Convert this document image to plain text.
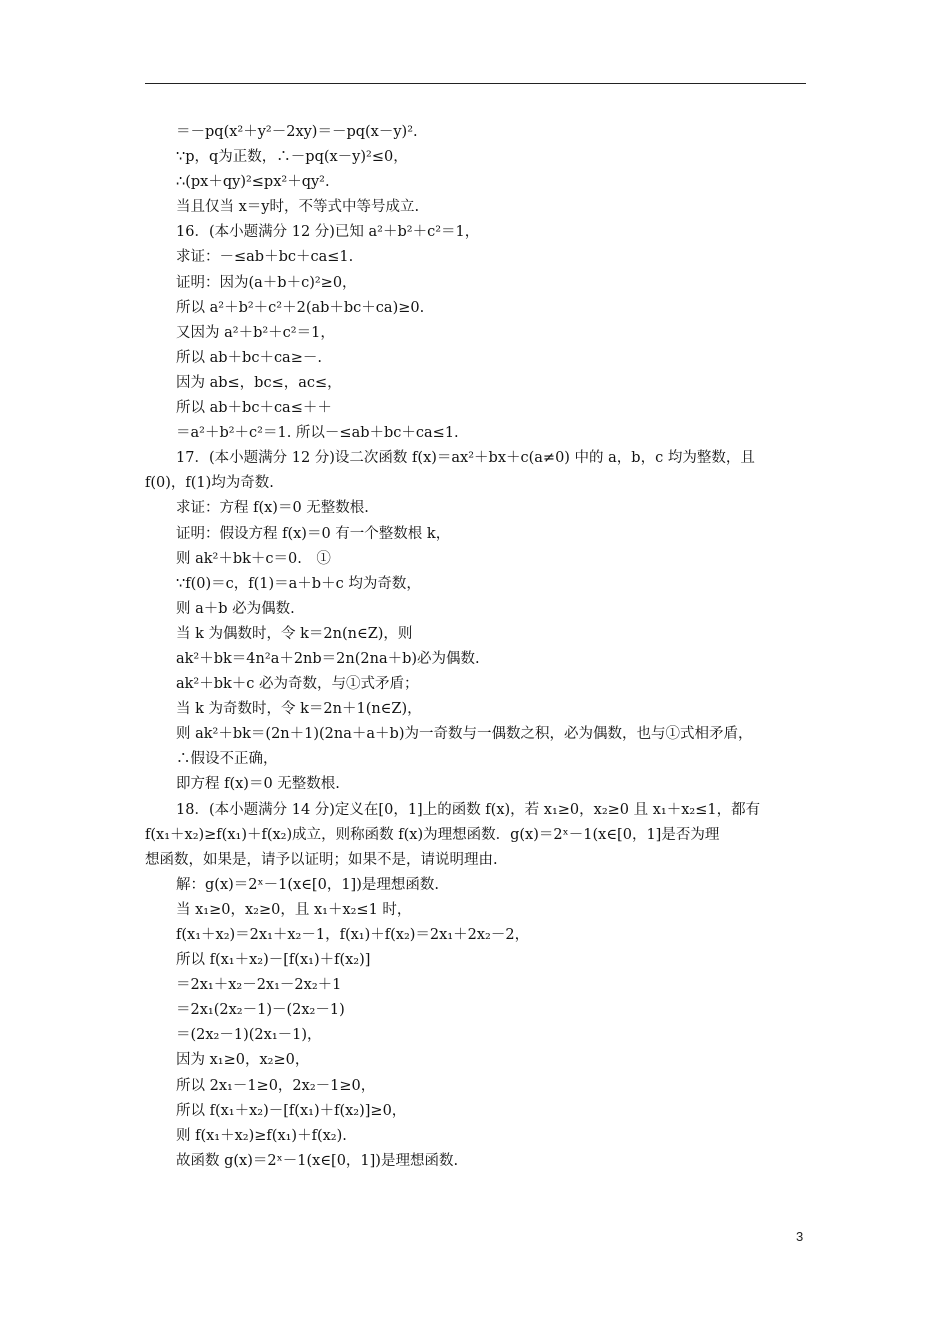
＝－pq(x²＋y²－2xy)＝－pq(x－y)².
∵p，q为正数，∴－pq(x－y)²≤0，
∴(px＋qy)²≤px²＋qy².
当且仅当 x＝y时，不等式中等号成立.
16．(本小题满分 12 分)已知 a²＋b²＋c²＝1，
求证：－≤ab＋bc＋ca≤1.
证明：因为(a＋b＋c)²≥0，
所以 a²＋b²＋c²＋2(ab＋bc＋ca)≥0.
又因为 a²＋b²＋c²＝1，
所以 ab＋bc＋ca≥－.
因为 ab≤，bc≤，ac≤，
所以 ab＋bc＋ca≤＋＋
＝a²＋b²＋c²＝1. 所以－≤ab＋bc＋ca≤1.
17．(本小题满分 12 分)设二次函数 f(x)＝ax²＋bx＋c(a≠0) 中的 a，b，c 均为整数，且
f(0)，f(1)均为奇数.
求证：方程 f(x)＝0 无整数根.
证明：假设方程 f(x)＝0 有一个整数根 k，
则 ak²＋bk＋c＝0.　①
∵f(0)＝c，f(1)＝a＋b＋c 均为奇数，
则 a＋b 必为偶数.
当 k 为偶数时，令 k＝2n(n∈Z)，则
ak²＋bk＝4n²a＋2nb＝2n(2na＋b)必为偶数.
ak²＋bk＋c 必为奇数，与①式矛盾；
当 k 为奇数时，令 k＝2n＋1(n∈Z)，
则 ak²＋bk＝(2n＋1)(2na＋a＋b)为一奇数与一偶数之积，必为偶数，也与①式相矛盾，
∴假设不正确，
即方程 f(x)＝0 无整数根.
18．(本小题满分 14 分)定义在[0，1]上的函数 f(x)，若 x₁≥0，x₂≥0 且 x₁＋x₂≤1，都有
f(x₁＋x₂)≥f(x₁)＋f(x₂)成立，则称函数 f(x)为理想函数．g(x)＝2ˣ－1(x∈[0，1]是否为理
想函数，如果是，请予以证明；如果不是，请说明理由.
解：g(x)＝2ˣ－1(x∈[0，1])是理想函数.
当 x₁≥0，x₂≥0，且 x₁＋x₂≤1 时，
f(x₁＋x₂)＝2x₁＋x₂－1，f(x₁)＋f(x₂)＝2x₁＋2x₂－2，
所以 f(x₁＋x₂)－[f(x₁)＋f(x₂)]
＝2x₁＋x₂－2x₁－2x₂＋1
＝2x₁(2x₂－1)－(2x₂－1)
＝(2x₂－1)(2x₁－1)，
因为 x₁≥0，x₂≥0，
所以 2x₁－1≥0，2x₂－1≥0，
所以 f(x₁＋x₂)－[f(x₁)＋f(x₂)]≥0，
则 f(x₁＋x₂)≥f(x₁)＋f(x₂).
故函数 g(x)＝2ˣ－1(x∈[0，1])是理想函数.
3
